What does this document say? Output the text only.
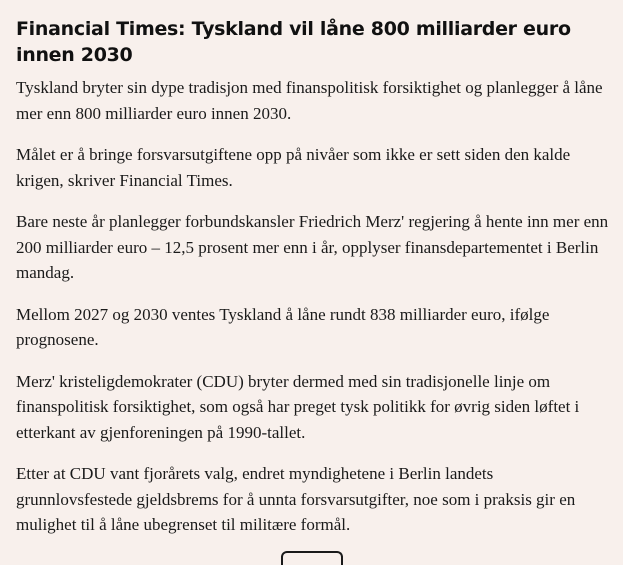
Financial Times: Tyskland vil låne 800 milliarder euro innen 2030

Tyskland bryter sin dype tradisjon med finanspolitisk forsiktighet og planlegger å låne mer enn 800 milliarder euro innen 2030.

Målet er å bringe forsvarsutgiftene opp på nivåer som ikke er sett siden den kalde krigen, skriver Financial Times.

Bare neste år planlegger forbundskansler Friedrich Merz' regjering å hente inn mer enn 200 milliarder euro – 12,5 prosent mer enn i år, opplyser finansdepartementet i Berlin mandag.

Mellom 2027 og 2030 ventes Tyskland å låne rundt 838 milliarder euro, ifølge prognosene.

Merz' kristeligdemokrater (CDU) bryter dermed med sin tradisjonelle linje om finanspolitisk forsiktighet, som også har preget tysk politikk for øvrig siden løftet i etterkant av gjenforeningen på 1990-tallet.

Etter at CDU vant fjorårets valg, endret myndighetene i Berlin landets grunnlovsfestede gjeldsbrems for å unnta forsvarsutgifter, noe som i praksis gir en mulighet til å låne ubegrenset til militære formål.
